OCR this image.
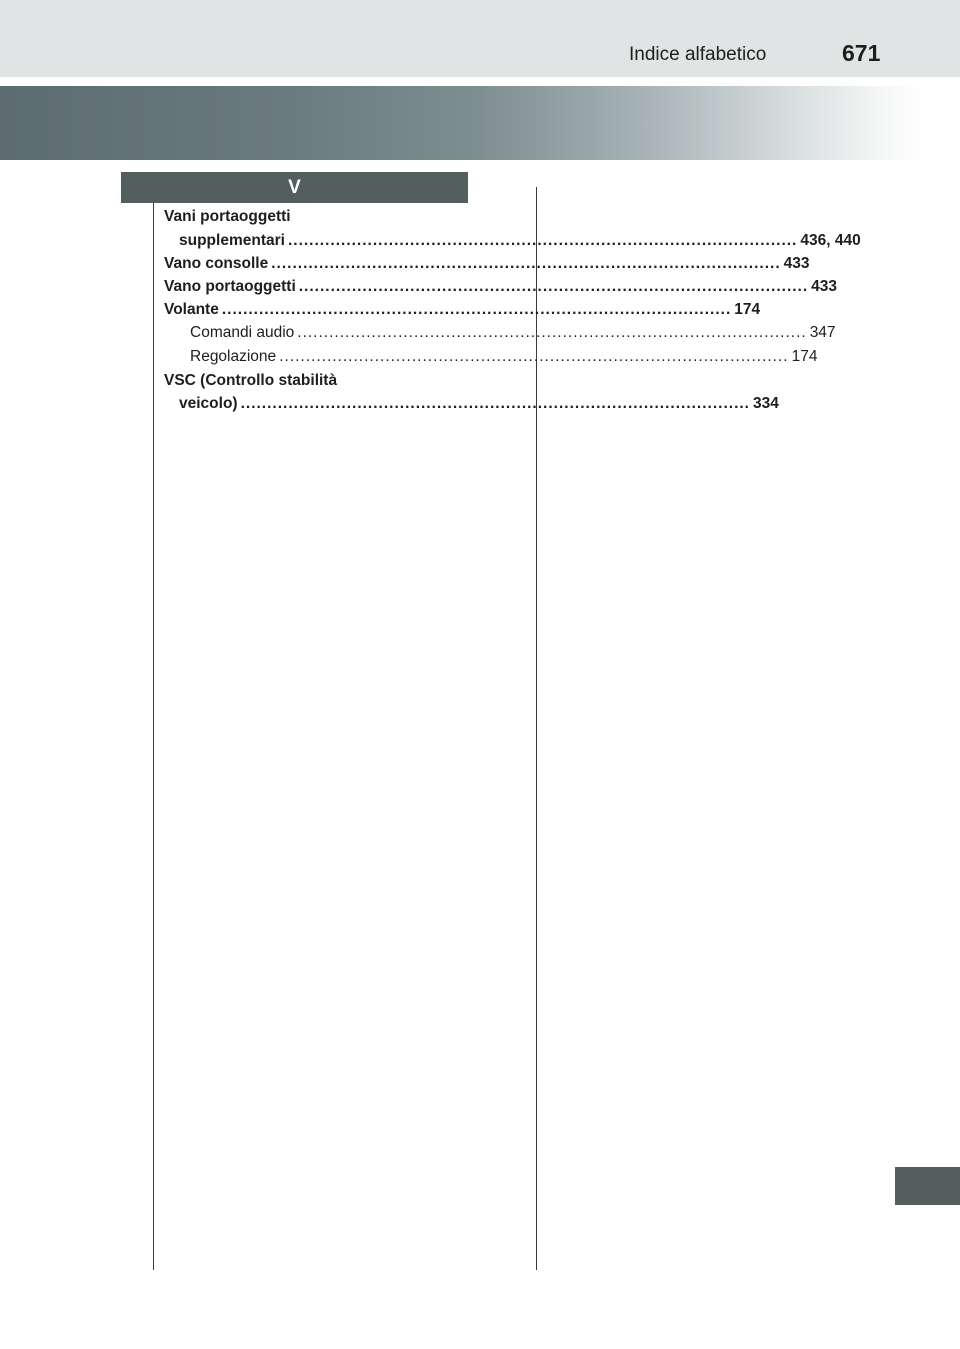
Indice alfabetico	671
V
Vani portaoggetti
supplementari ................................................................................................ 436, 440
Vano consolle ................................................................................................ 433
Vano portaoggetti ................................................................................................ 433
Volante ................................................................................................ 174
Comandi audio ................................................................................................ 347
Regolazione ................................................................................................ 174
VSC (Controllo stabilità
veicolo) ................................................................................................ 334
